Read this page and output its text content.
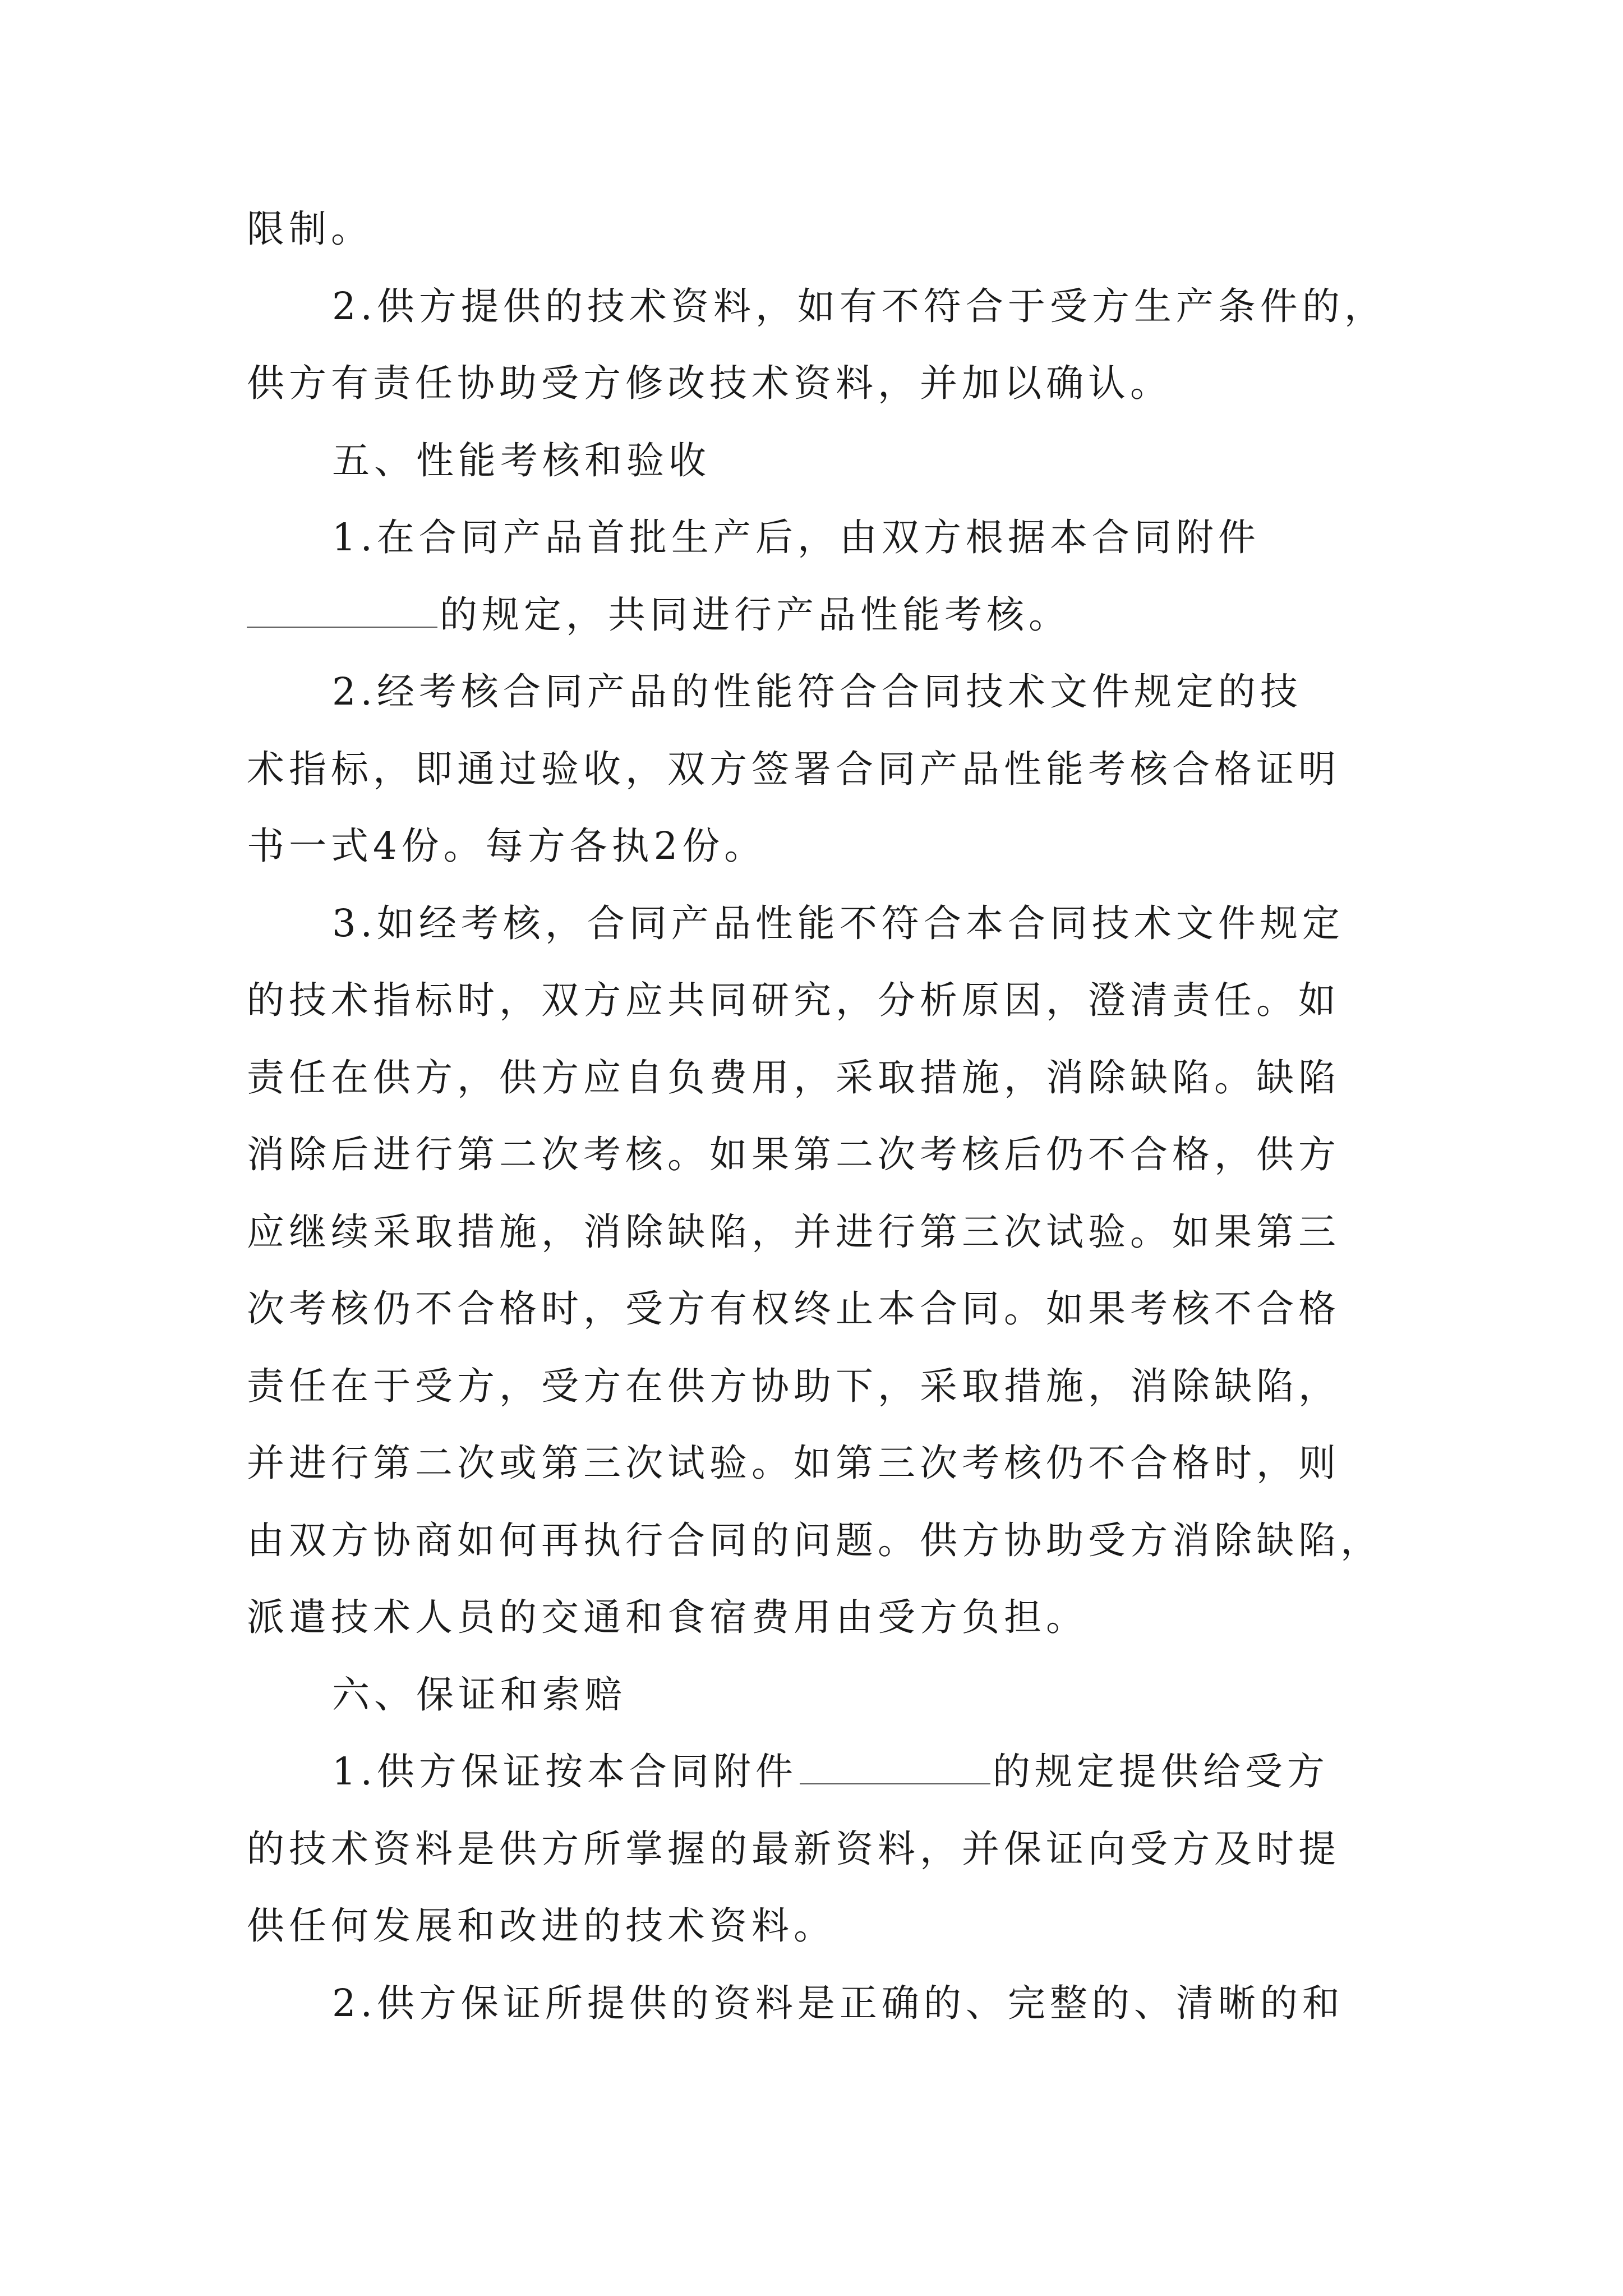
限制。
2.供方提供的技术资料，如有不符合于受方生产条件的，
供方有责任协助受方修改技术资料，并加以确认。
五、性能考核和验收
1.在合同产品首批生产后，由双方根据本合同附件
的规定，共同进行产品性能考核。
2.经考核合同产品的性能符合合同技术文件规定的技
术指标，即通过验收，双方签署合同产品性能考核合格证明
书一式4份。每方各执2份。
3.如经考核，合同产品性能不符合本合同技术文件规定
的技术指标时，双方应共同研究，分析原因，澄清责任。如
责任在供方，供方应自负费用，采取措施，消除缺陷。缺陷
消除后进行第二次考核。如果第二次考核后仍不合格，供方
应继续采取措施，消除缺陷，并进行第三次试验。如果第三
次考核仍不合格时，受方有权终止本合同。如果考核不合格
责任在于受方，受方在供方协助下，采取措施，消除缺陷，
并进行第二次或第三次试验。如第三次考核仍不合格时，则
由双方协商如何再执行合同的问题。供方协助受方消除缺陷，
派遣技术人员的交通和食宿费用由受方负担。
六、保证和索赔
1.供方保证按本合同附件	的规定提供给受方
的技术资料是供方所掌握的最新资料，并保证向受方及时提
供任何发展和改进的技术资料。
2.供方保证所提供的资料是正确的、完整的、清晰的和
